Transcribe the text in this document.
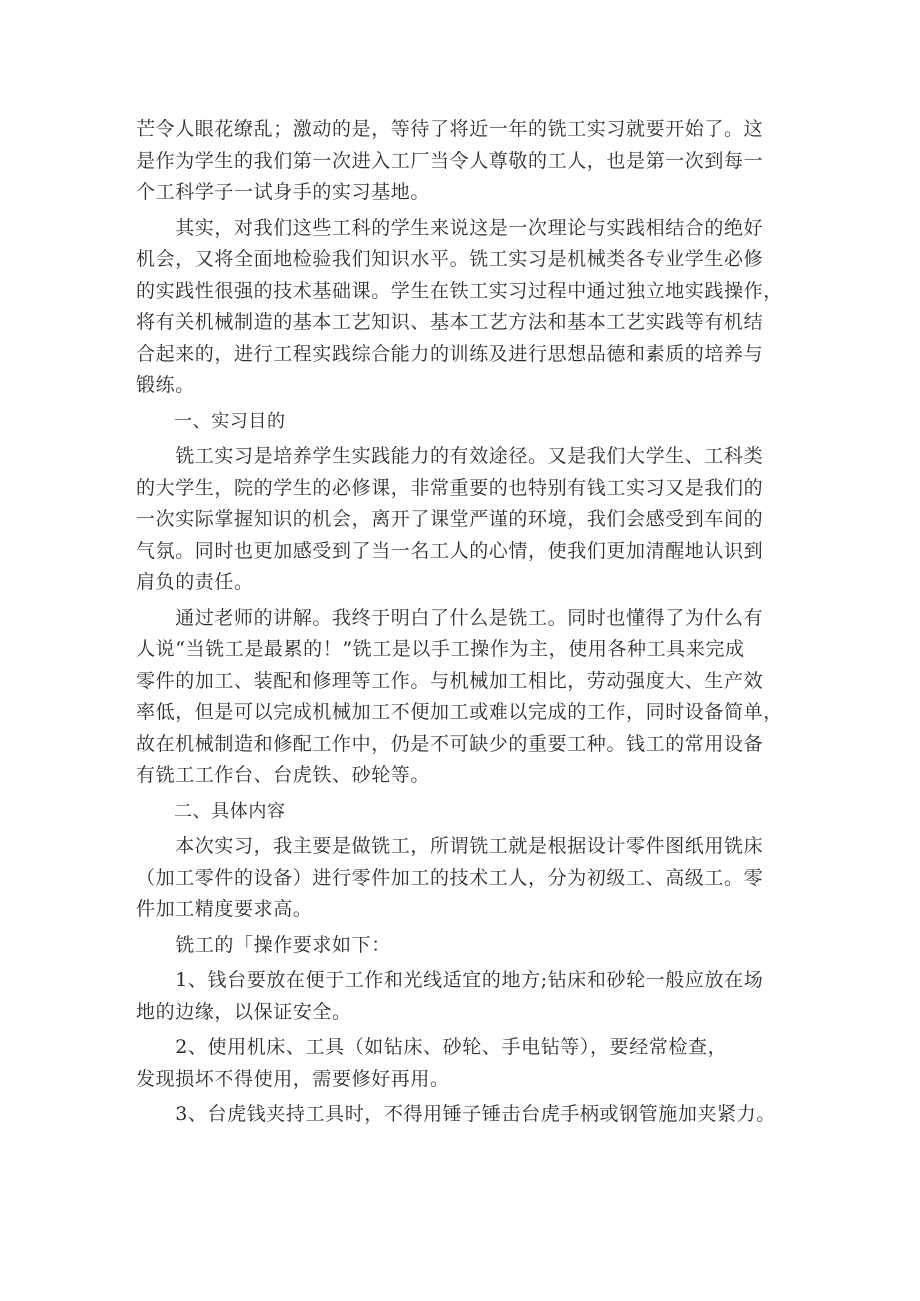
芒令人眼花缭乱；激动的是，等待了将近一年的铣工实习就要开始了。这
是作为学生的我们第一次进入工厂当令人尊敬的工人，也是第一次到每一
个工科学子一试身手的实习基地。

　　其实，对我们这些工科的学生来说这是一次理论与实践相结合的绝好
机会，又将全面地检验我们知识水平。铣工实习是机械类各专业学生必修
的实践性很强的技术基础课。学生在铁工实习过程中通过独立地实践操作，
将有关机械制造的基本工艺知识、基本工艺方法和基本工艺实践等有机结
合起来的，进行工程实践综合能力的训练及进行思想品德和素质的培养与
锻练。

一、实习目的

　　铣工实习是培养学生实践能力的有效途径。又是我们大学生、工科类
的大学生，院的学生的必修课，非常重要的也特别有钱工实习又是我们的
一次实际掌握知识的机会，离开了课堂严谨的环境，我们会感受到车间的
气氛。同时也更加感受到了当一名工人的心情，使我们更加清醒地认识到
肩负的责任。

　　通过老师的讲解。我终于明白了什么是铣工。同时也懂得了为什么有
人说“当铣工是最累的！”铣工是以手工操作为主，使用各种工具来完成
零件的加工、装配和修理等工作。与机械加工相比，劳动强度大、生产效
率低，但是可以完成机械加工不便加工或难以完成的工作，同时设备简单，
故在机械制造和修配工作中，仍是不可缺少的重要工种。钱工的常用设备
有铣工工作台、台虎铁、砂轮等。

二、具体内容

　　本次实习，我主要是做铣工，所谓铣工就是根据设计零件图纸用铣床
（加工零件的设备）进行零件加工的技术工人，分为初级工、高级工。零
件加工精度要求高。

　　铣工的「操作要求如下：

　　1、钱台要放在便于工作和光线适宜的地方;钻床和砂轮一般应放在场
地的边缘，以保证安全。

　　2、使用机床、工具（如钻床、砂轮、手电钻等），要经常检查，
发现损坏不得使用，需要修好再用。

　　3、台虎钱夹持工具时，不得用锤子锤击台虎手柄或钢管施加夹紧力。
